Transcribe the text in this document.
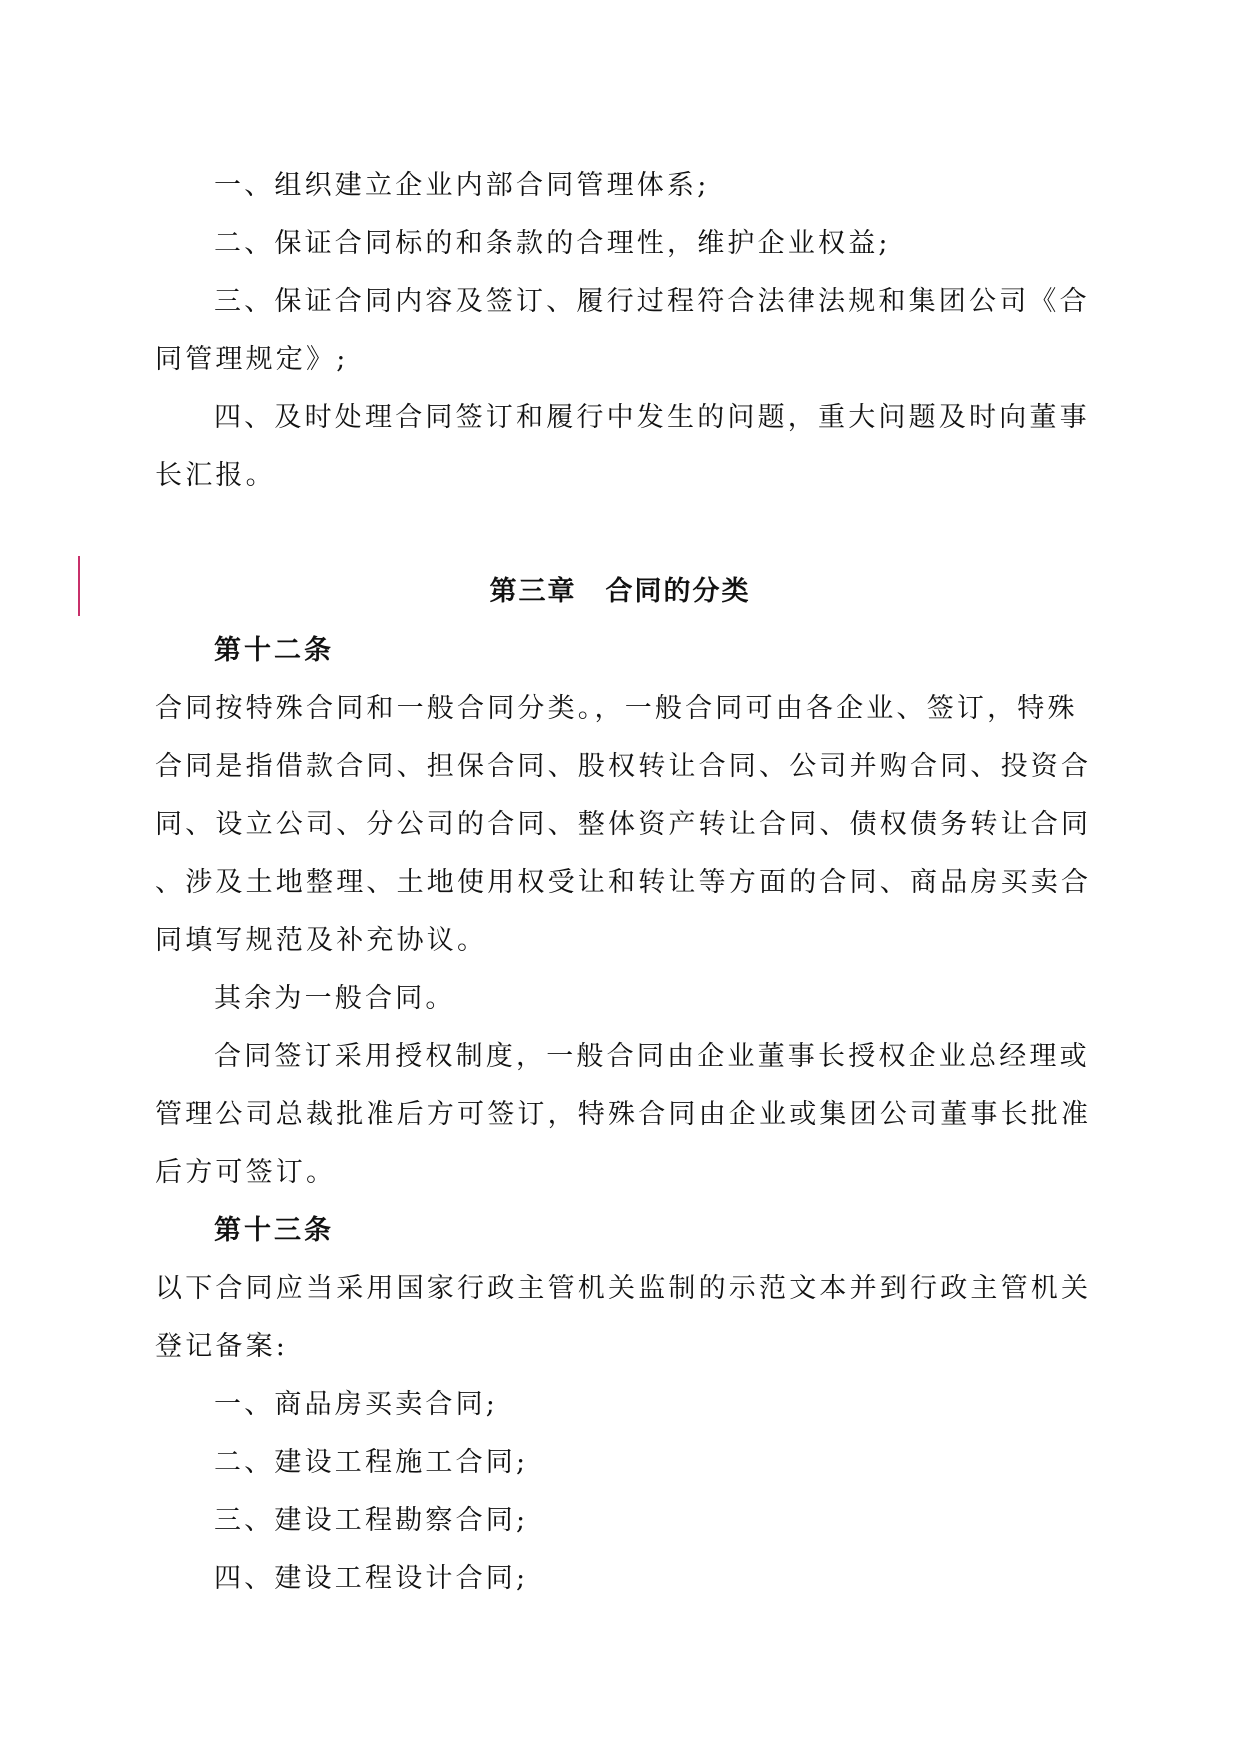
一、组织建立企业内部合同管理体系;
二、保证合同标的和条款的合理性，维护企业权益;
三、保证合同内容及签订、履行过程符合法律法规和集团公司《合
同管理规定》;
四、及时处理合同签订和履行中发生的问题，重大问题及时向董事
长汇报。
第三章　合同的分类
第十二条
合同按特殊合同和一般合同分类。，一般合同可由各企业、签订，特殊
合同是指借款合同、担保合同、股权转让合同、公司并购合同、投资合
同、设立公司、分公司的合同、整体资产转让合同、债权债务转让合同
、涉及土地整理、土地使用权受让和转让等方面的合同、商品房买卖合
同填写规范及补充协议。
其余为一般合同。
合同签订采用授权制度，一般合同由企业董事长授权企业总经理或
管理公司总裁批准后方可签订，特殊合同由企业或集团公司董事长批准
后方可签订。
第十三条
以下合同应当采用国家行政主管机关监制的示范文本并到行政主管机关
登记备案:
一、商品房买卖合同;
二、建设工程施工合同;
三、建设工程勘察合同;
四、建设工程设计合同;
